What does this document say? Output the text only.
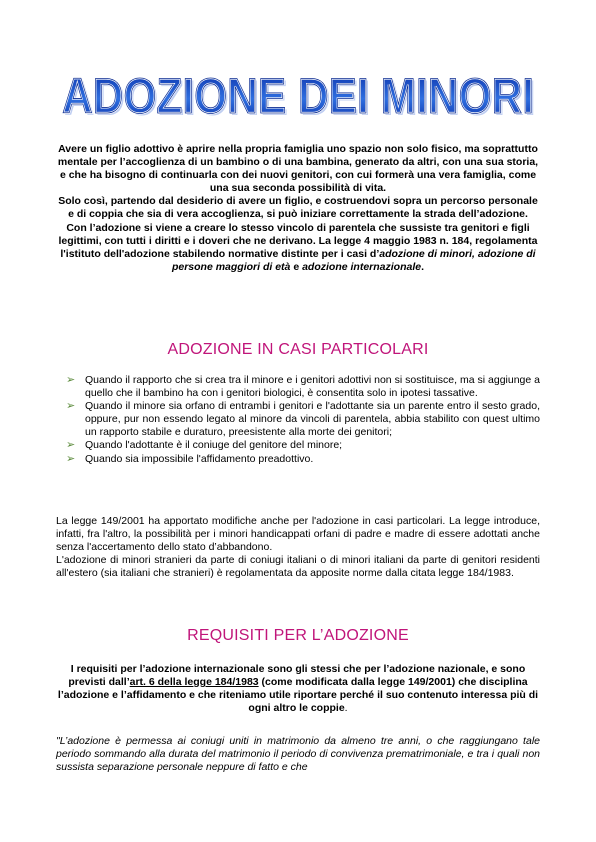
ADOZIONE DEI MINORI
ADOZIONE DEI MINORI
ADOZIONE DEI MINORI

Avere un figlio adottivo è aprire nella propria famiglia uno spazio non solo fisico, ma soprattutto mentale per l’accoglienza di un bambino o di una bambina, generato da altri, con una sua storia, e che ha bisogno di continuarla con dei nuovi genitori, con cui formerà una vera famiglia, come una sua seconda possibilità di vita.

Solo così, partendo dal desiderio di avere un figlio, e costruendovi sopra un percorso personale e di coppia che sia di vera accoglienza, si può iniziare correttamente la strada dell’adozione.

Con l’adozione si viene a creare lo stesso vincolo di parentela che sussiste tra genitori e figli legittimi, con tutti i diritti e i doveri che ne derivano. La legge 4 maggio 1983 n. 184, regolamenta l'istituto dell'adozione stabilendo normative distinte per i casi d’adozione di minori, adozione di persone maggiori di età e adozione internazionale.

ADOZIONE IN CASI PARTICOLARI
➢ Quando il rapporto che si crea tra il minore e i genitori adottivi non si sostituisce, ma si aggiunge a quello che il bambino ha con i genitori biologici, è consentita solo in ipotesi tassative.
➢ Quando il minore sia orfano di entrambi i genitori e l'adottante sia un parente entro il sesto grado, oppure, pur non essendo legato al minore da vincoli di parentela, abbia stabilito con quest ultimo un rapporto stabile e duraturo, preesistente alla morte dei genitori;
➢ Quando l'adottante è il coniuge del genitore del minore;
➢ Quando sia impossibile l'affidamento preadottivo.

La legge 149/2001 ha apportato modifiche anche per l'adozione in casi particolari. La legge introduce, infatti, fra l'altro, la possibilità per i minori handicappati orfani di padre e madre di essere adottati anche senza l'accertamento dello stato d’abbandono.

L'adozione di minori stranieri da parte di coniugi italiani o di minori italiani da parte di genitori residenti all'estero (sia italiani che stranieri) è regolamentata da apposite norme dalla citata legge 184/1983.

REQUISITI PER L’ADOZIONE

I requisiti per l’adozione internazionale sono gli stessi che per l’adozione nazionale, e sono previsti dall’art. 6 della legge 184/1983 (come modificata dalla legge 149/2001) che disciplina l’adozione e l’affidamento e che riteniamo utile riportare perché il suo contenuto interessa più di ogni altro le coppie.

"L’adozione è permessa ai coniugi uniti in matrimonio da almeno tre anni, o che raggiungano tale periodo sommando alla durata del matrimonio il periodo di convivenza prematrimoniale, e tra i quali non sussista separazione personale neppure di fatto e che
